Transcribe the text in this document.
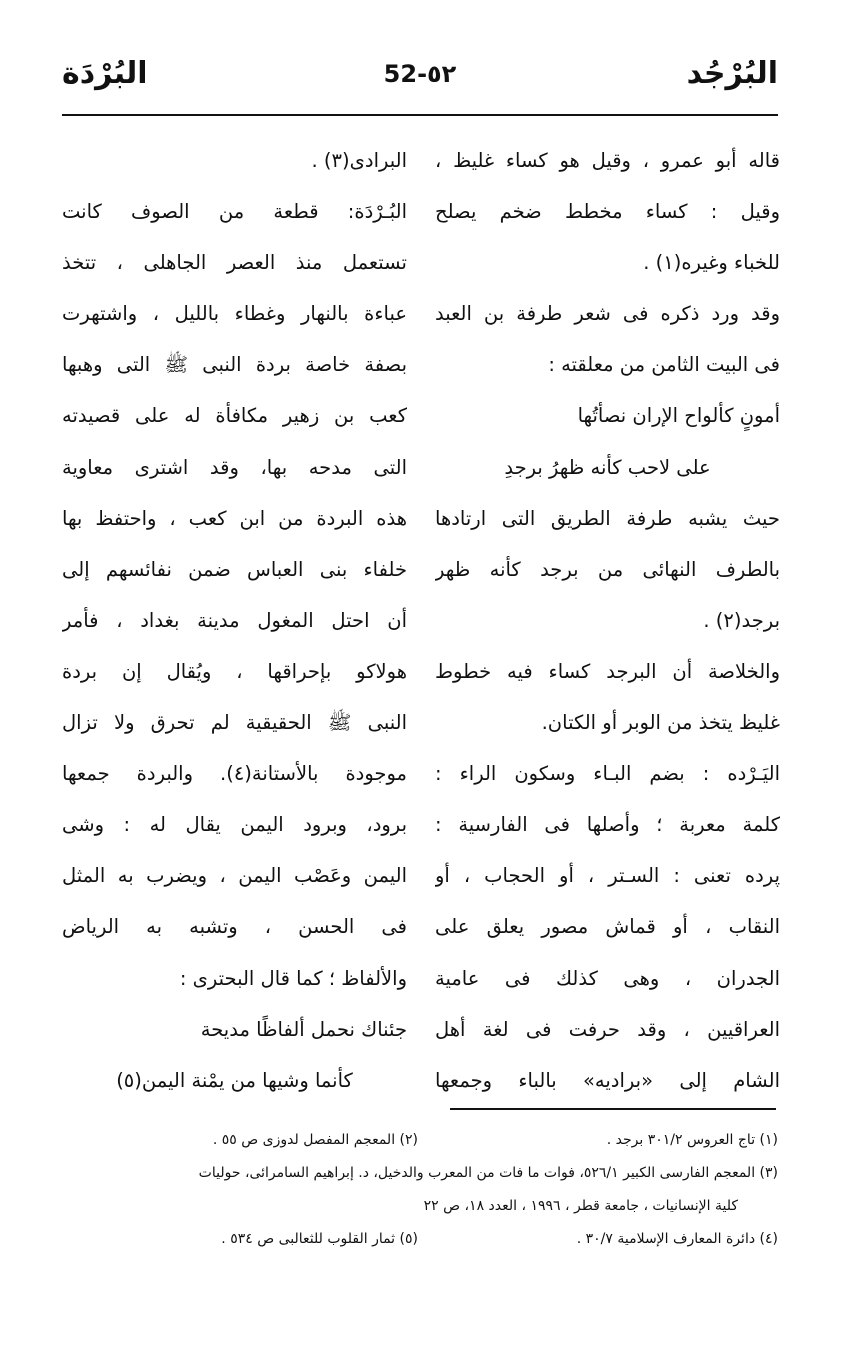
البُرْجُد
52-٥٢
البُرْدَة
قاله أبو عمرو ، وقيل هو كساء غليظ ،
وقيل : كساء مخطط ضخم يصلح
للخباء وغيره(١) .
وقد ورد ذكره فى شعر طرفة بن العبد
فى البيت الثامن من معلقته :
أمونٍ كألواح الإران نصأتُها
على لاحب كأنه ظهرُ برجدِ
حيث يشبه طرفة الطريق التى ارتادها
بالطرف النهائى من برجد كأنه ظهر
برجد(٢) .
والخلاصة أن البرجد كساء فيه خطوط
غليظ يتخذ من الوبر أو الكتان.
اليَـرْده : بضم البـاء وسكون الراء :
كلمة معربة ؛ وأصلها فى الفارسية :
پرده تعنى : السـتر ، أو الحجاب ، أو
النقاب ، أو قماش مصور يعلق على
الجدران ، وهى كذلك فى عامية
العراقيين ، وقد حرفت فى لغة أهل
الشام إلى «براديه» بالباء وجمعها
البرادى(٣) .
البُـرْدَة: قطعة من الصوف كانت
تستعمل منذ العصر الجاهلى ، تتخذ
عباءة بالنهار وغطاء بالليل ، واشتهرت
بصفة خاصة بردة النبى ﷺ التى وهبها
كعب بن زهير مكافأة له على قصيدته
التى مدحه بها، وقد اشترى معاوية
هذه البردة من ابن كعب ، واحتفظ بها
خلفاء بنى العباس ضمن نفائسهم إلى
أن احتل المغول مدينة بغداد ، فأمر
هولاكو بإحراقها ، ويُقال إن بردة
النبى ﷺ الحقيقية لم تحرق ولا تزال
موجودة بالأستانة(٤). والبردة جمعها
برود، وبرود اليمن يقال له : وشى
اليمن وعَصْب اليمن ، ويضرب به المثل
فى الحسن ، وتشبه به الرياض
والألفاظ ؛ كما قال البحترى :
جئناك نحمل ألفاظًا مديحة
كأنما وشيها من يمْنة اليمن(٥)
(١) تاج العروس ٣٠١/٢ برجد .
(٢) المعجم المفصل لدوزى ص ٥٥ .
(٣) المعجم الفارسى الكبير ٥٢٦/١، فوات ما فات من المعرب والدخيل، د. إبراهيم السامرائى، حوليات
كلية الإنسانيات ، جامعة قطر ، ١٩٩٦ ، العدد ١٨، ص ٢٢
(٤) دائرة المعارف الإسلامية ٣٠/٧ .
(٥) ثمار القلوب للثعالبى ص ٥٣٤ .
